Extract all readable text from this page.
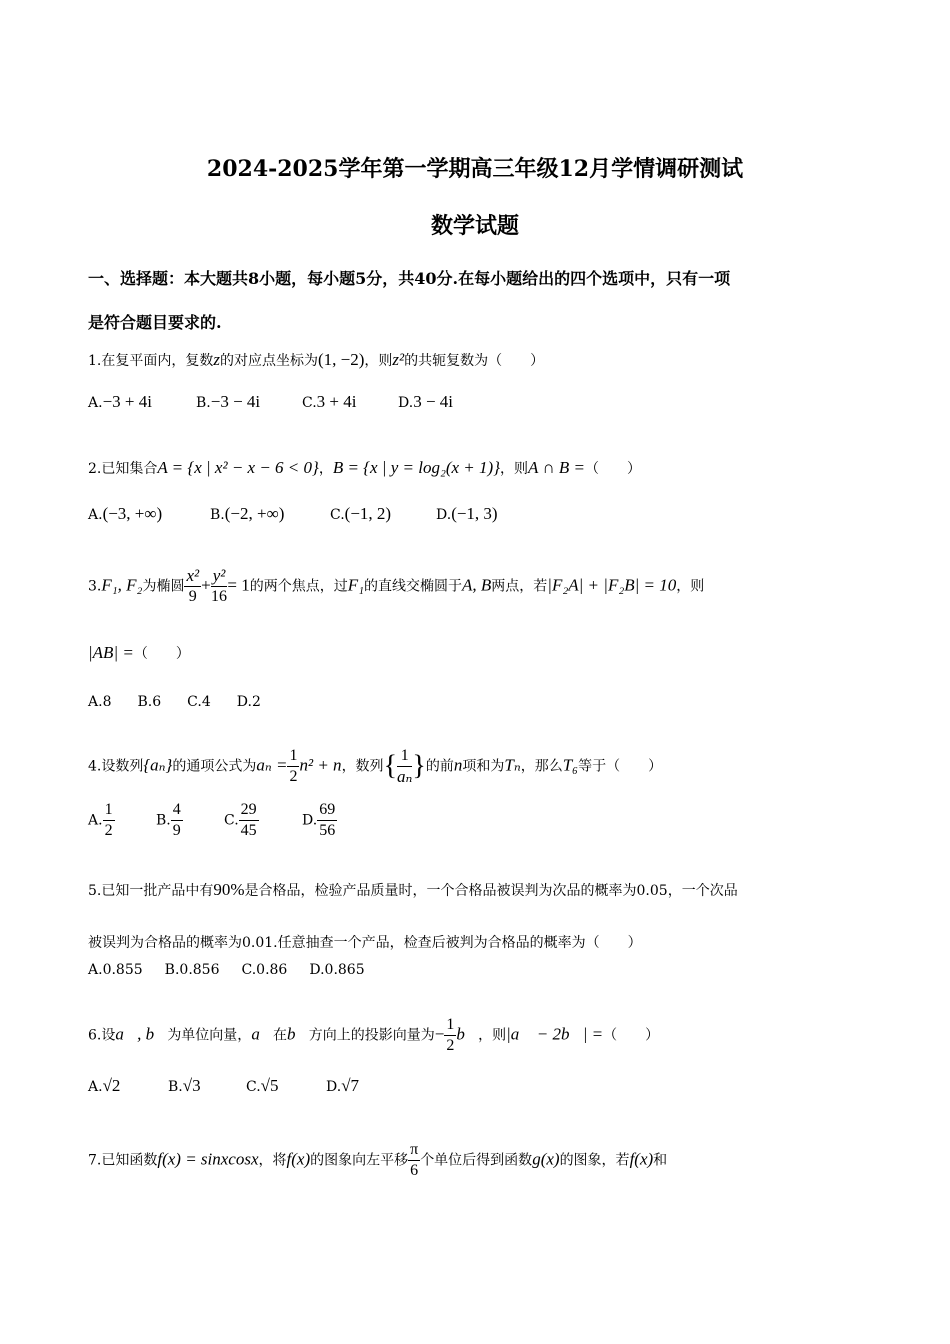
2024-2025学年第一学期高三年级12月学情调研测试
数学试题
一、选择题：本大题共8小题，每小题5分，共40分.在每小题给出的四个选项中，只有一项
是符合题目要求的.
1.在复平面内，复数z的对应点坐标为(1, −2)，则z²的共轭复数为（　　）
A.−3 + 4i	B.−3 − 4i	C.3 + 4i	D.3 − 4i
2.已知集合A = {x | x² − x − 6 < 0}，B = {x | y = log₂(x + 1)}，则A ∩ B =（　　）
A.(−3, +∞)	B.(−2, +∞)	C.(−1, 2)	D.(−1, 3)
3.F₁, F₂为椭圆 $\frac{\text{x²}}{9} + \frac{\text{y²}}{16} = 1$的两个焦点，过F₁的直线交椭圆于A, B两点，若|F₂A| + |F₂B| = 10，则
|AB| =（　　）
A.8 B.6 C.4 D.2
4.设数列{aₙ}的通项公式为$a_n = \frac{1}{2} n^2 + n$，数列{ $\frac{1}{\text{aₙ}}$ }的前n项和为Tₙ，那么T₆等于（　　）
A. $\frac{1}{2}$	B. $\frac{4}{9}$	C. $\frac{29}{45}$	D. $\frac{69}{56}$
5.已知一批产品中有90%是合格品，检验产品质量时，一个合格品被误判为次品的概率为0.05，一个次品
被误判为合格品的概率为0.01.任意抽查一个产品，检查后被判为合格品的概率为（　　）
A.0.855 B.0.856 C.0.86 D.0.865
6.设a⃗, b⃗为单位向量，a⃗在b⃗方向上的投影向量为− $\frac{1}{2}$ b⃗，则|a⃗ − 2b⃗| =（　　）
A.√2	B.√3	C.√5	D.√7
7.已知函数f(x) = sinxcosx，将f(x)的图象向左平移 $\frac{\pi}{6}$ 个单位后得到函数g(x)的图象，若f(x)和
